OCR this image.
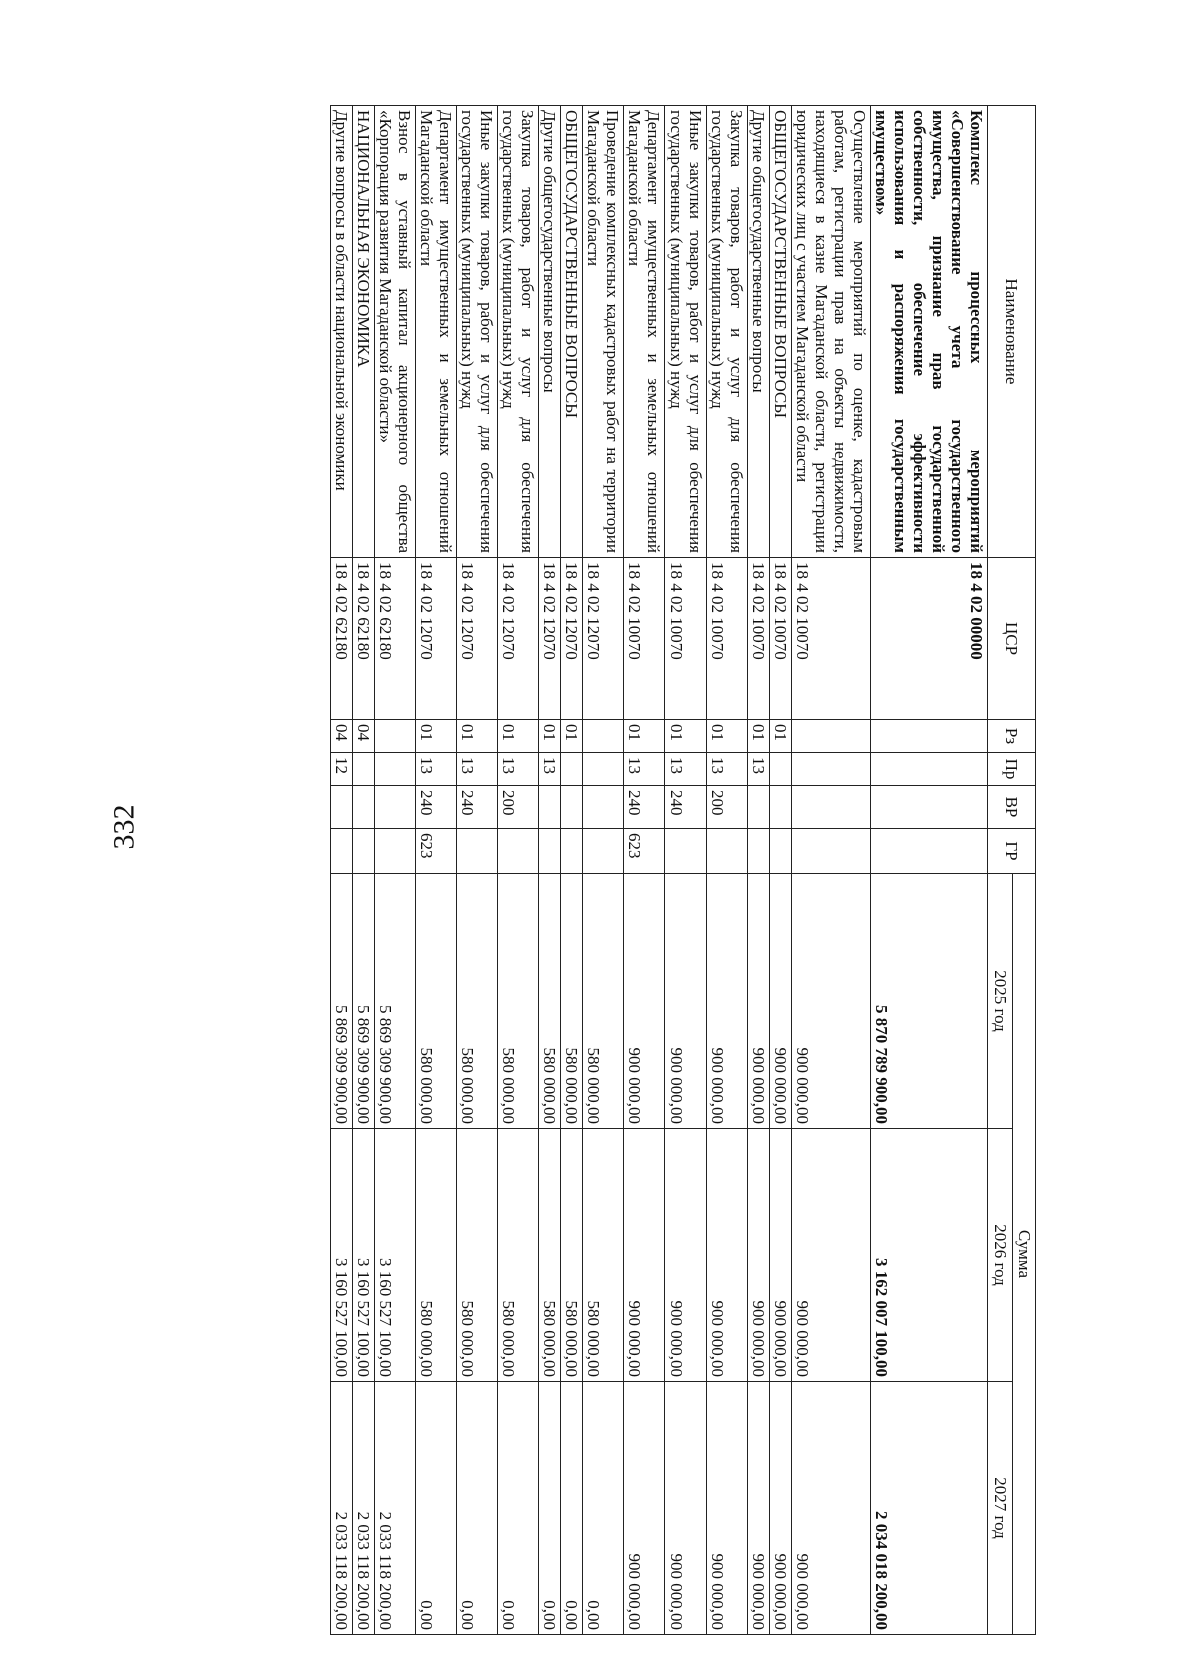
332
Наименование	ЦСР	Рз	Пр	ВР	ГР	Сумма		
						2025 год	2026 год	2027 год
Комплекс процессных мероприятий «Совершенствование учета государственного имущества, признание прав государственной собственности, обеспечение эффективности использования и распоряжения государственным имуществом»	18 4 02 00000					5 870 789 900,00	3 162 007 100,00	2 034 018 200,00
Осуществление мероприятий по оценке, кадастровым работам, регистрации прав на объекты недвижимости, находящиеся в казне Магаданской области, регистрации юридических лиц с участием Магаданской области	18 4 02 10070					900 000,00	900 000,00	900 000,00
ОБЩЕГОСУДАРСТВЕННЫЕ ВОПРОСЫ	18 4 02 10070	01				900 000,00	900 000,00	900 000,00
Другие общегосударственные вопросы	18 4 02 10070	01	13			900 000,00	900 000,00	900 000,00
Закупка товаров, работ и услуг для обеспечения государственных (муниципальных) нужд	18 4 02 10070	01	13	200		900 000,00	900 000,00	900 000,00
Иные закупки товаров, работ и услуг для обеспечения государственных (муниципальных) нужд	18 4 02 10070	01	13	240		900 000,00	900 000,00	900 000,00
Департамент имущественных и земельных отношений Магаданской области	18 4 02 10070	01	13	240	623	900 000,00	900 000,00	900 000,00
Проведение комплексных кадастровых работ на территории Магаданской области	18 4 02 12070					580 000,00	580 000,00	0,00
ОБЩЕГОСУДАРСТВЕННЫЕ ВОПРОСЫ	18 4 02 12070	01				580 000,00	580 000,00	0,00
Другие общегосударственные вопросы	18 4 02 12070	01	13			580 000,00	580 000,00	0,00
Закупка товаров, работ и услуг для обеспечения государственных (муниципальных) нужд	18 4 02 12070	01	13	200		580 000,00	580 000,00	0,00
Иные закупки товаров, работ и услуг для обеспечения государственных (муниципальных) нужд	18 4 02 12070	01	13	240		580 000,00	580 000,00	0,00
Департамент имущественных и земельных отношений Магаданской области	18 4 02 12070	01	13	240	623	580 000,00	580 000,00	0,00
Взнос в уставный капитал акционерного общества «Корпорация развития Магаданской области»	18 4 02 62180					5 869 309 900,00	3 160 527 100,00	2 033 118 200,00
НАЦИОНАЛЬНАЯ ЭКОНОМИКА	18 4 02 62180	04				5 869 309 900,00	3 160 527 100,00	2 033 118 200,00
Другие вопросы в области национальной экономики	18 4 02 62180	04	12			5 869 309 900,00	3 160 527 100,00	2 033 118 200,00
